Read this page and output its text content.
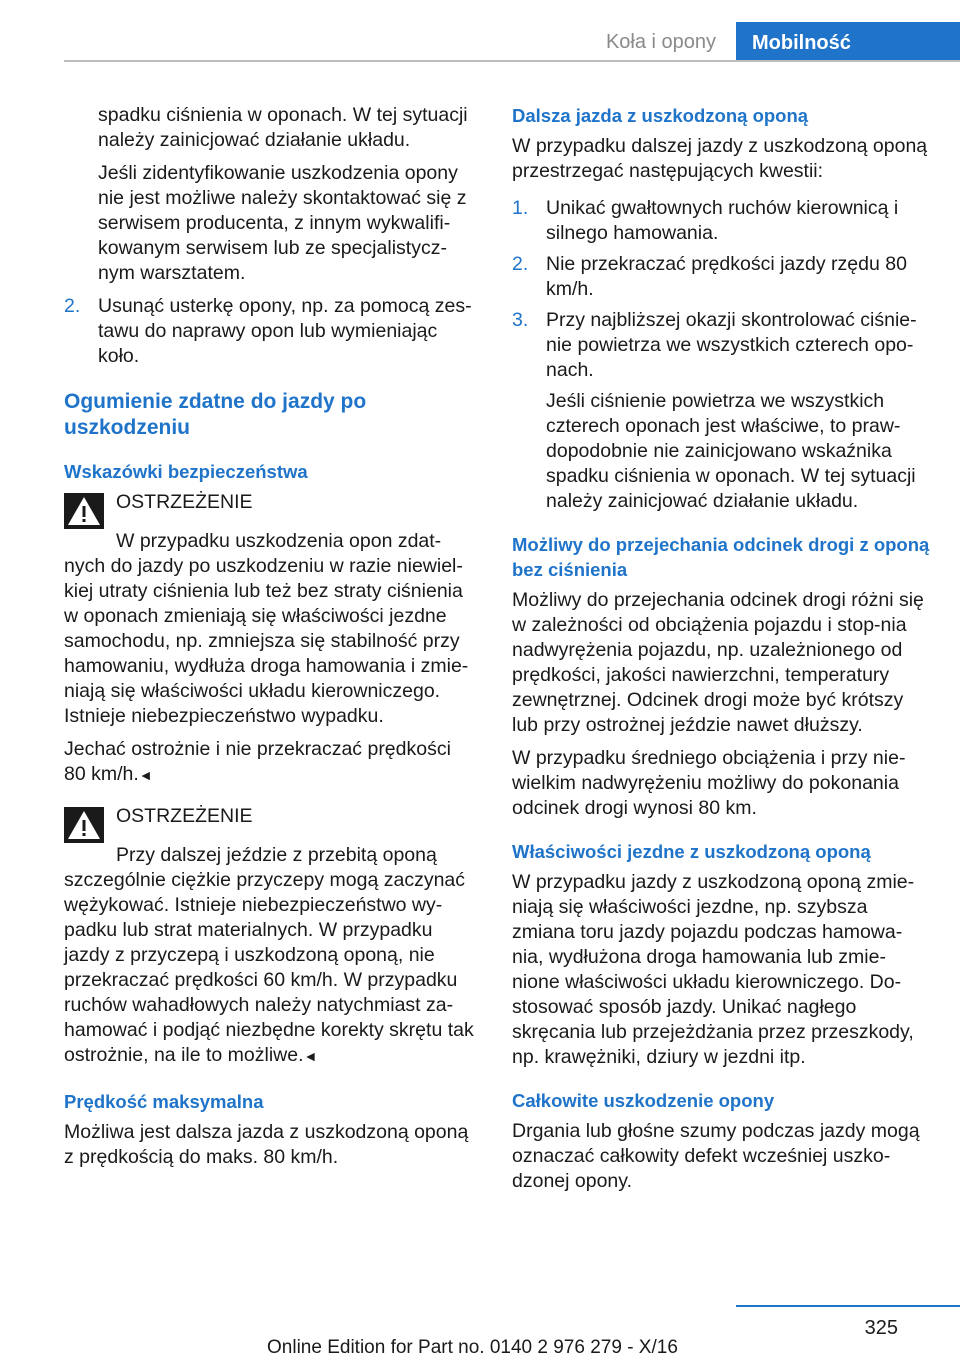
Koła i opony	Mobilność

spadku ciśnienia w oponach. W tej sytuacji należy zainicjować działanie układu.

Jeśli zidentyfikowanie uszkodzenia opony nie jest możliwe należy skontaktować się z serwisem producenta, z innym wykwalifi‐kowanym serwisem lub ze specjalistycz‐nym warsztatem.

2. Usunąć usterkę opony, np. za pomocą zes‐tawu do naprawy opon lub wymieniając koło.
Ogumienie zdatne do jazdy po uszkodzeniu
Wskazówki bezpieczeństwa
OSTRZEŻENIE

W przypadku uszkodzenia opon zdat‐nych do jazdy po uszkodzeniu w razie niewiel‐kiej utraty ciśnienia lub też bez straty ciśnienia w oponach zmieniają się właściwości jezdne samochodu, np. zmniejsza się stabilność przy hamowaniu, wydłuża droga hamowania i zmie‐niają się właściwości układu kierowniczego. Istnieje niebezpieczeństwo wypadku.

Jechać ostrożnie i nie przekraczać prędkości 80 km/h.◄

OSTRZEŻENIE

Przy dalszej jeździe z przebitą oponą szczególnie ciężkie przyczepy mogą zaczynać wężykować. Istnieje niebezpieczeństwo wy‐padku lub strat materialnych. W przypadku jazdy z przyczepą i uszkodzoną oponą, nie przekraczać prędkości 60 km/h. W przypadku ruchów wahadłowych należy natychmiast za‐hamować i podjąć niezbędne korekty skrętu tak ostrożnie, na ile to możliwe.◄

Prędkość maksymalna

Możliwa jest dalsza jazda z uszkodzoną oponą z prędkością do maks. 80 km/h.

Dalsza jazda z uszkodzoną oponą

W przypadku dalszej jazdy z uszkodzoną oponą przestrzegać następujących kwestii:

1. Unikać gwałtownych ruchów kierownicą i silnego hamowania.
2. Nie przekraczać prędkości jazdy rzędu 80 km/h.
3. Przy najbliższej okazji skontrolować ciśnie‐nie powietrza we wszystkich czterech opo‐nach.

Jeśli ciśnienie powietrza we wszystkich czterech oponach jest właściwe, to praw‐dopodobnie nie zainicjowano wskaźnika spadku ciśnienia w oponach. W tej sytuacji należy zainicjować działanie układu.

Możliwy do przejechania odcinek drogi z oponą bez ciśnienia

Możliwy do przejechania odcinek drogi różni się w zależności od obciążenia pojazdu i stop‐nia nadwyrężenia pojazdu, np. uzależnionego od prędkości, jakości nawierzchni, temperatury zewnętrznej. Odcinek drogi może być krótszy lub przy ostrożnej jeździe nawet dłuższy.

W przypadku średniego obciążenia i przy nie‐wielkim nadwyrężeniu możliwy do pokonania odcinek drogi wynosi 80 km.

Właściwości jezdne z uszkodzoną oponą

W przypadku jazdy z uszkodzoną oponą zmie‐niają się właściwości jezdne, np. szybsza zmiana toru jazdy pojazdu podczas hamowa‐nia, wydłużona droga hamowania lub zmie‐nione właściwości układu kierowniczego. Do‐stosować sposób jazdy. Unikać nagłego skręcania lub przejeżdżania przez przeszkody, np. krawężniki, dziury w jezdni itp.

Całkowite uszkodzenie opony

Drgania lub głośne szumy podczas jazdy mogą oznaczać całkowity defekt wcześniej uszko‐dzonej opony.

325
Online Edition for Part no. 0140 2 976 279 - X/16
